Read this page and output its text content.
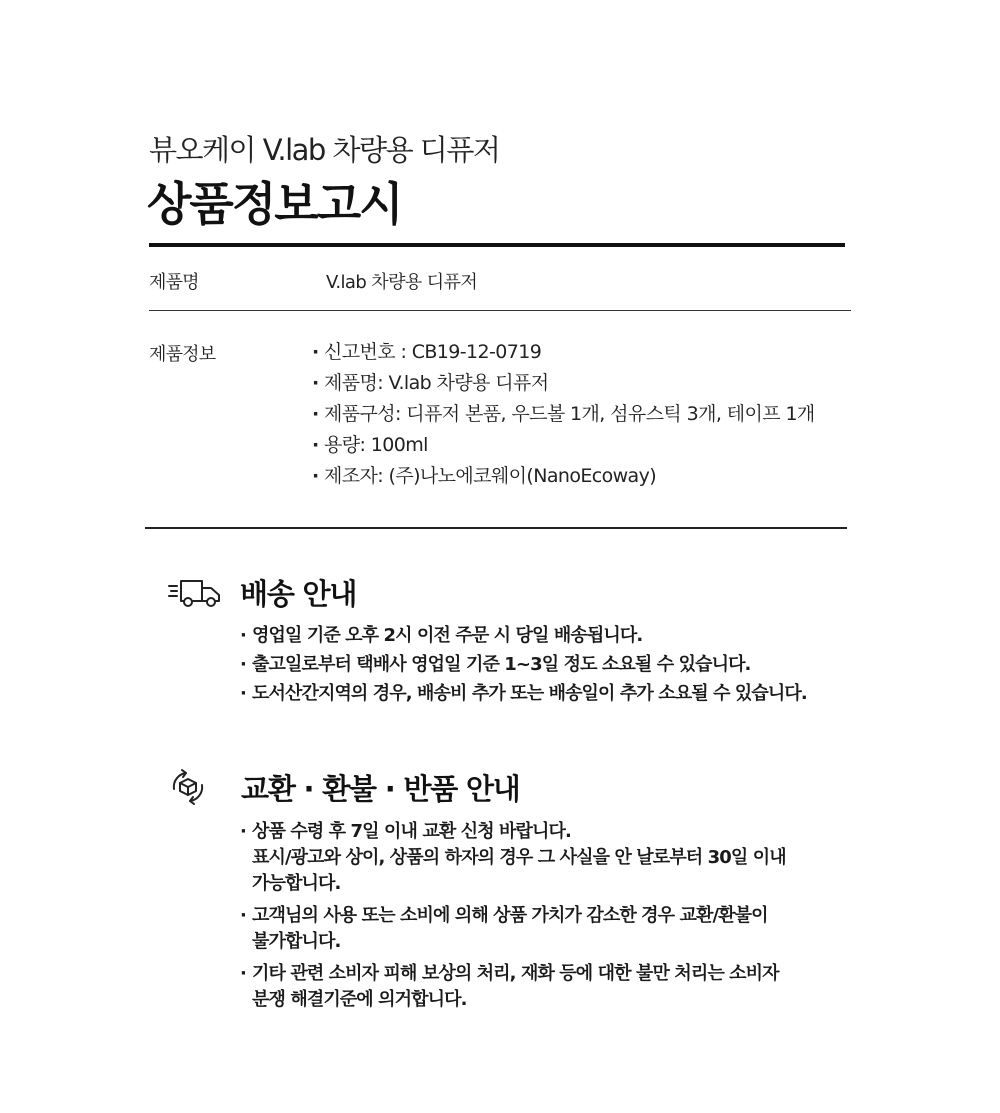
뷰오케이 V.lab 차량용 디퓨저
상품정보고시
제품명	V.lab 차량용 디퓨저
제품정보	· 신고번호 : CB19-12-0719
· 제품명: V.lab 차량용 디퓨저
· 제품구성: 디퓨저 본품, 우드볼 1개, 섬유스틱 3개, 테이프 1개
· 용량: 100ml
· 제조자: (주)나노에코웨이(NanoEcoway)
배송 안내
· 영업일 기준 오후 2시 이전 주문 시 당일 배송됩니다.
· 출고일로부터 택배사 영업일 기준 1~3일 정도 소요될 수 있습니다.
· 도서산간지역의 경우, 배송비 추가 또는 배송일이 추가 소요될 수 있습니다.
교환 · 환불 · 반품 안내
· 상품 수령 후 7일 이내 교환 신청 바랍니다.
표시/광고와 상이, 상품의 하자의 경우 그 사실을 안 날로부터 30일 이내
가능합니다.
· 고객님의 사용 또는 소비에 의해 상품 가치가 감소한 경우 교환/환불이
불가합니다.
· 기타 관련 소비자 피해 보상의 처리, 재화 등에 대한 불만 처리는 소비자
분쟁 해결기준에 의거합니다.
